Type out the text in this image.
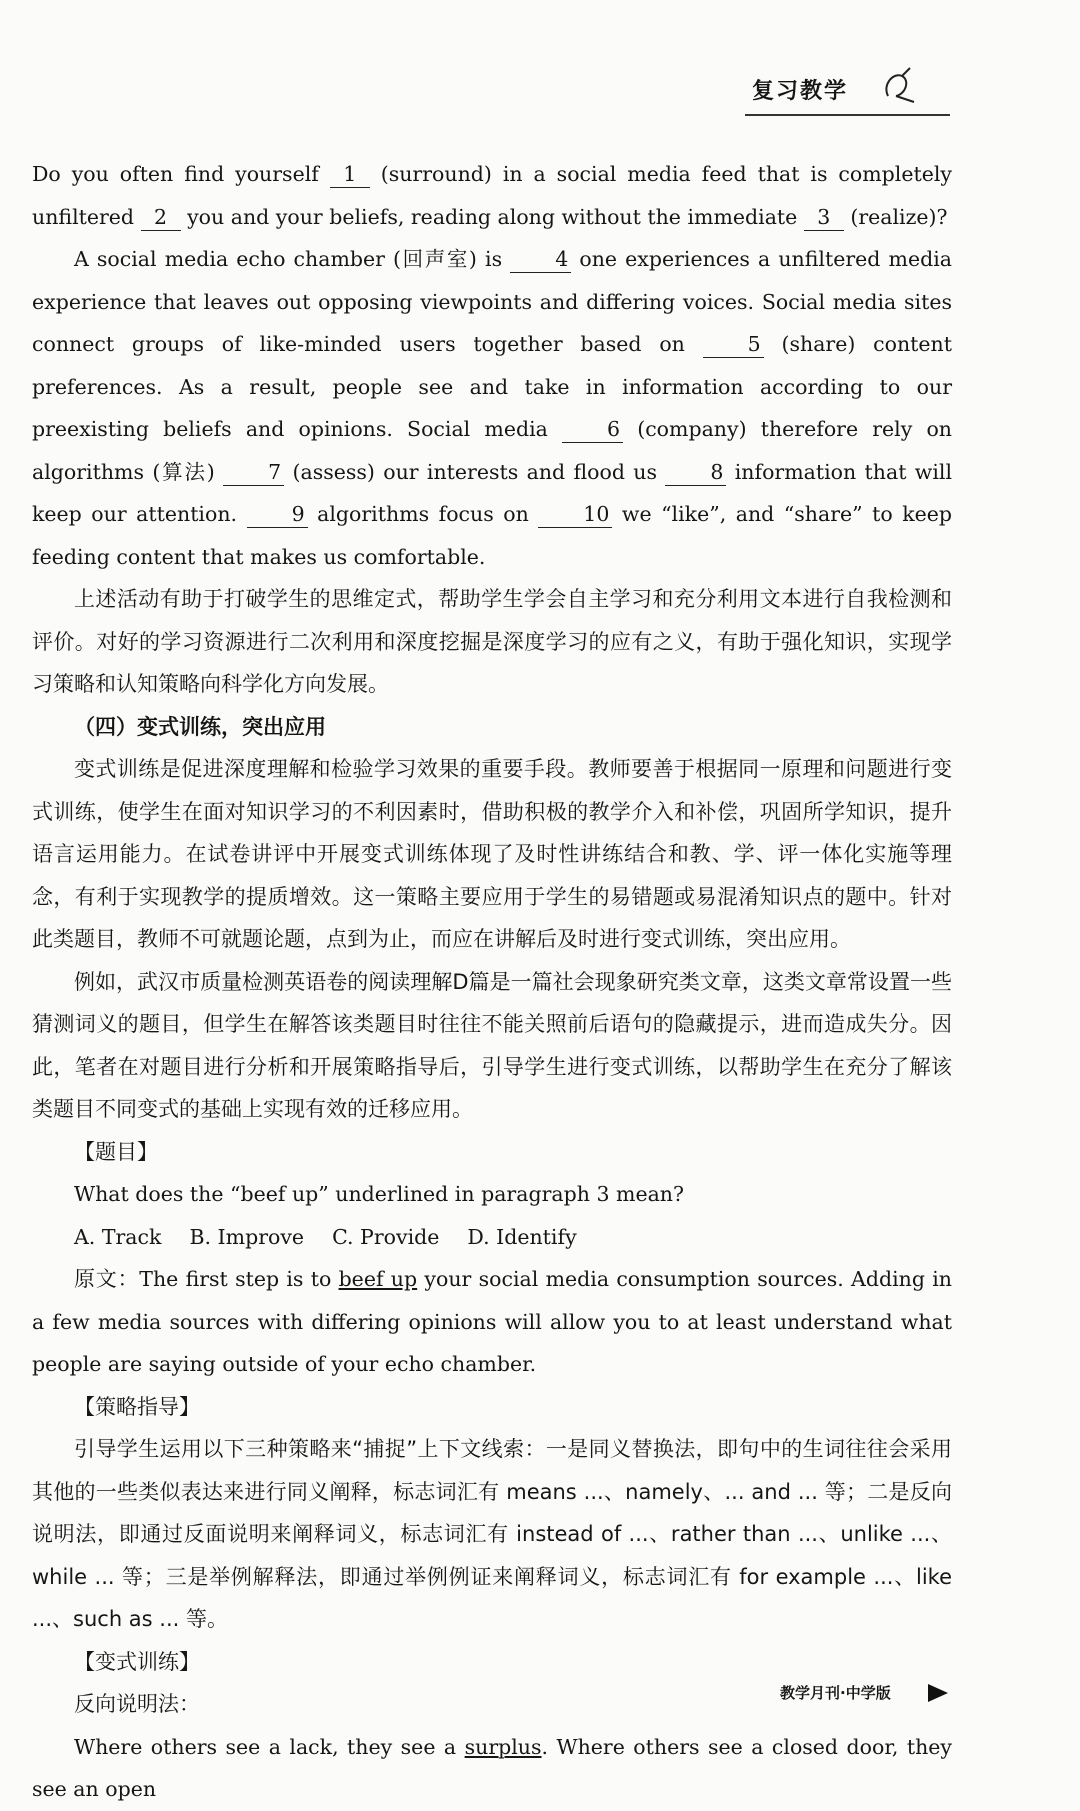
复习教学

Do you often find yourself 1 (surround) in a social media feed that is completely unfiltered 2 you and your beliefs, reading along without the immediate 3 (realize)?

A social media echo chamber (回声室) is 4 one experiences a unfiltered media experience that leaves out opposing viewpoints and differing voices. Social media sites connect groups of like-minded users together based on 5 (share) content preferences. As a result, people see and take in information according to our preexisting beliefs and opinions. Social media 6 (company) therefore rely on algorithms (算法) 7 (assess) our interests and flood us 8 information that will keep our attention. 9 algorithms focus on 10 we “like”, and “share” to keep feeding content that makes us comfortable.

上述活动有助于打破学生的思维定式，帮助学生学会自主学习和充分利用文本进行自我检测和评价。对好的学习资源进行二次利用和深度挖掘是深度学习的应有之义，有助于强化知识，实现学习策略和认知策略向科学化方向发展。

（四）变式训练，突出应用

变式训练是促进深度理解和检验学习效果的重要手段。教师要善于根据同一原理和问题进行变式训练，使学生在面对知识学习的不利因素时，借助积极的教学介入和补偿，巩固所学知识，提升语言运用能力。在试卷讲评中开展变式训练体现了及时性讲练结合和教、学、评一体化实施等理念，有利于实现教学的提质增效。这一策略主要应用于学生的易错题或易混淆知识点的题中。针对此类题目，教师不可就题论题，点到为止，而应在讲解后及时进行变式训练，突出应用。

例如，武汉市质量检测英语卷的阅读理解D篇是一篇社会现象研究类文章，这类文章常设置一些猜测词义的题目，但学生在解答该类题目时往往不能关照前后语句的隐藏提示，进而造成失分。因此，笔者在对题目进行分析和开展策略指导后，引导学生进行变式训练，以帮助学生在充分了解该类题目不同变式的基础上实现有效的迁移应用。

【题目】

What does the “beef up” underlined in paragraph 3 mean?

A. Track B. Improve C. Provide D. Identify

原文：The first step is to beef up your social media consumption sources. Adding in a few media sources with differing opinions will allow you to at least understand what people are saying outside of your echo chamber.

【策略指导】

引导学生运用以下三种策略来“捕捉”上下文线索：一是同义替换法，即句中的生词往往会采用其他的一些类似表达来进行同义阐释，标志词汇有 means ...、namely、... and ... 等；二是反向说明法，即通过反面说明来阐释词义，标志词汇有 instead of ...、rather than ...、unlike ...、while ... 等；三是举例解释法，即通过举例例证来阐释词义，标志词汇有 for example ...、like ...、such as ... 等。

【变式训练】

反向说明法：

Where others see a lack, they see a surplus. Where others see a closed door, they see an open

教学月刊·中学版
